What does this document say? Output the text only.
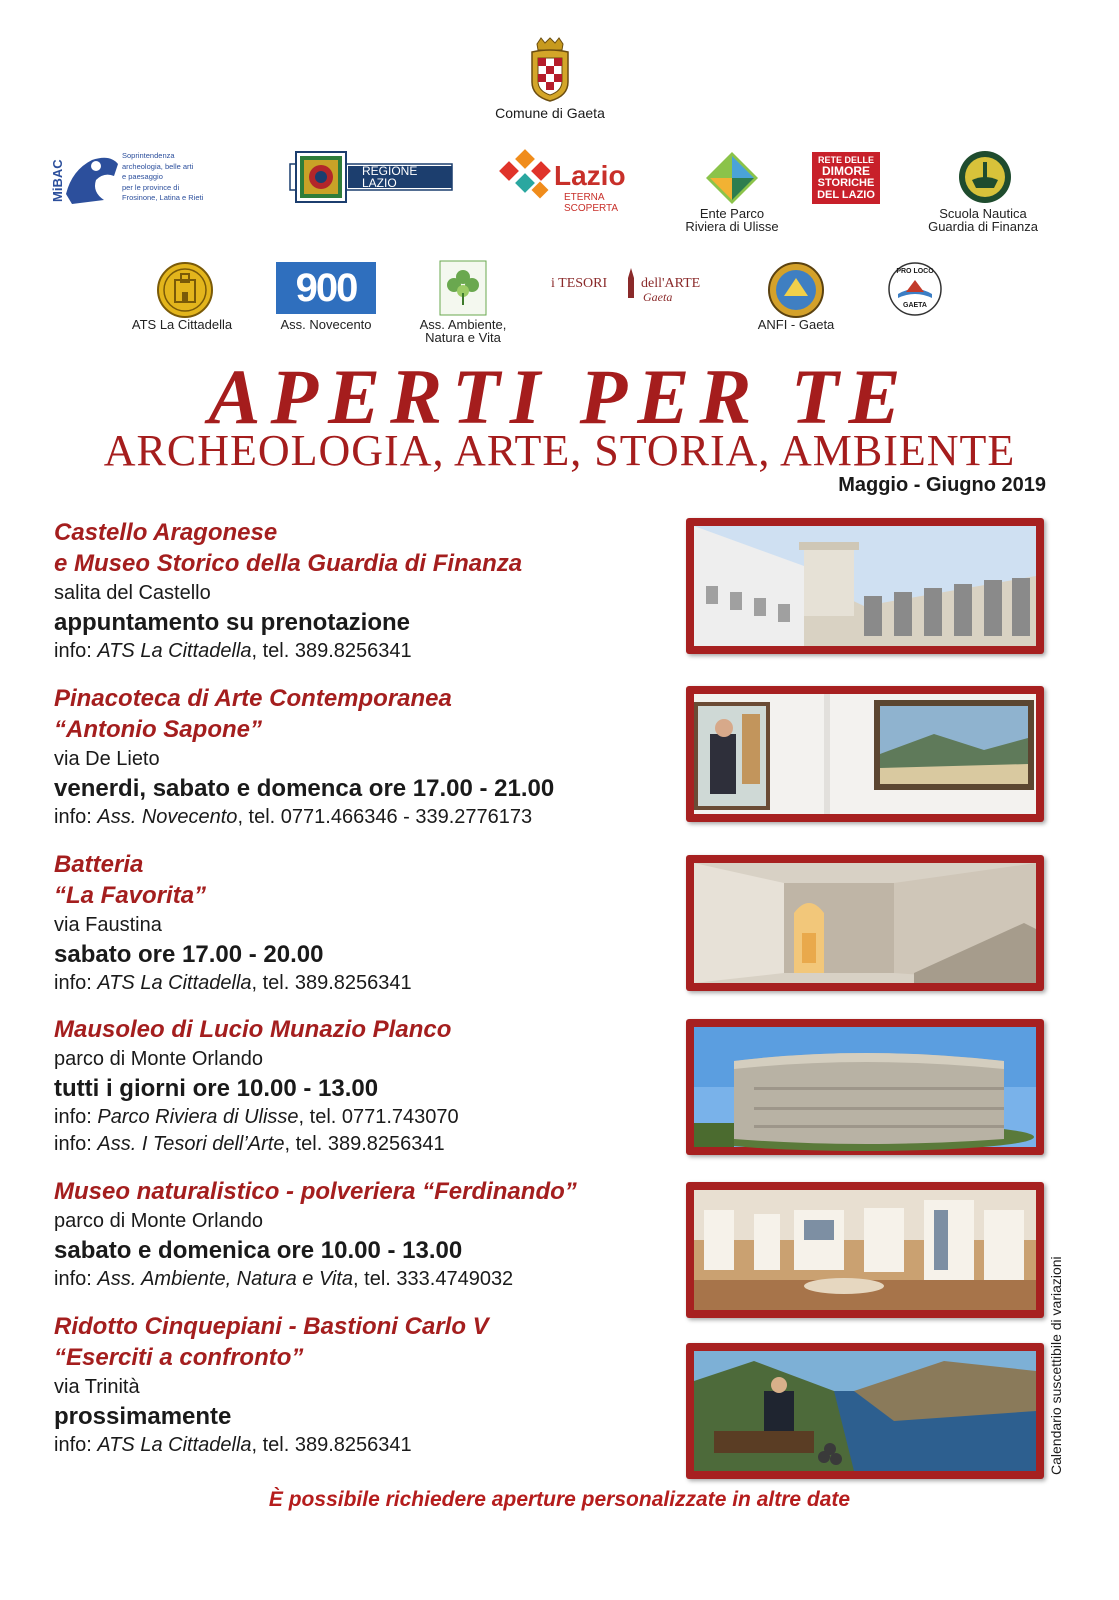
Comune di Gaeta
MiBAC
Soprintendenza
archeologia, belle arti
e paesaggio
per le province di
Frosinone, Latina e Rieti
REGIONE
LAZIO	Lazio
ETERNA SCOPERTA	Ente Parco
Riviera di Ulisse
RETE DELLE
DIMORE
STORICHE
DEL LAZIO
Scuola Nautica
Guardia di Finanza
ATS La Cittadella
900
Ass. Novecento	Ass. Ambiente,
Natura e Vita
i TESORI dell'ARTE
Gaeta
ANFI - Gaeta
PRO LOCO
GAETA
APERTI PER TE
ARCHEOLOGIA, ARTE, STORIA, AMBIENTE
Maggio - Giugno 2019
Castello Aragonese
e Museo Storico della Guardia di Finanza
salita del Castello
appuntamento su prenotazione
info: ATS La Cittadella, tel. 389.8256341
Pinacoteca di Arte Contemporanea
“Antonio Sapone”
via De Lieto
venerdi, sabato e domenca ore 17.00 - 21.00
info: Ass. Novecento, tel. 0771.466346 - 339.2776173
Batteria
“La Favorita”
via Faustina
sabato ore 17.00 - 20.00
info: ATS La Cittadella, tel. 389.8256341
Mausoleo di Lucio Munazio Planco
parco di Monte Orlando
tutti i giorni ore 10.00 - 13.00
info: Parco Riviera di Ulisse, tel. 0771.743070
info: Ass. I Tesori dell’Arte, tel. 389.8256341
Museo naturalistico - polveriera “Ferdinando”
parco di Monte Orlando
sabato e domenica ore 10.00 - 13.00
info: Ass. Ambiente, Natura e Vita, tel. 333.4749032
Ridotto Cinquepiani - Bastioni Carlo V
“Eserciti a confronto”
via Trinità
prossimamente
info: ATS La Cittadella, tel. 389.8256341
È possibile richiedere aperture personalizzate in altre date
Calendario suscettibile di variazioni
